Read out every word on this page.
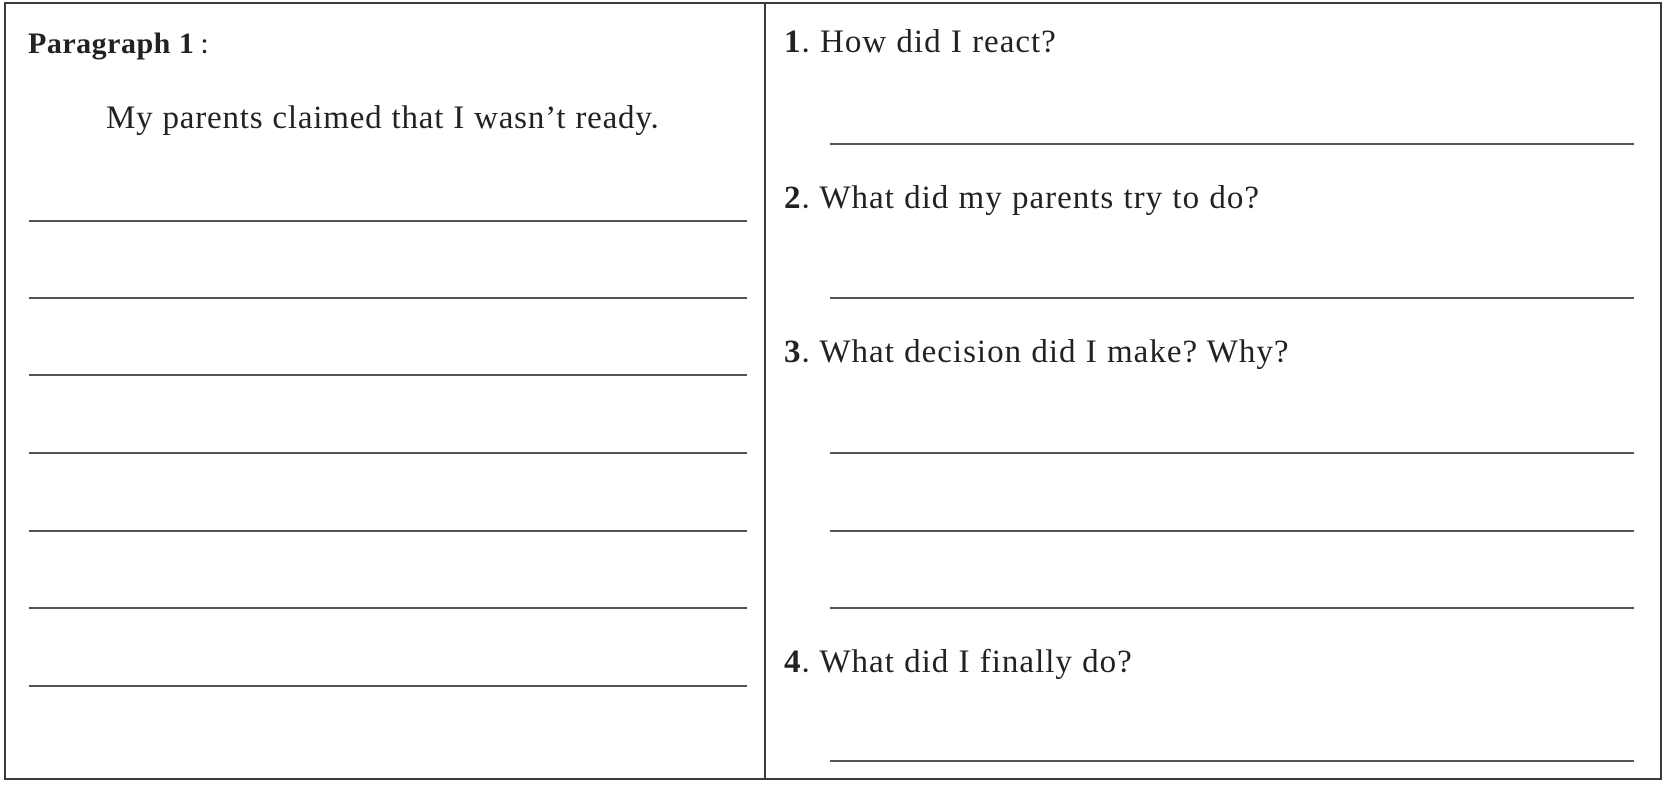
Paragraph 1 :
My parents claimed that I wasn’t ready.
1. How did I react?
2. What did my parents try to do?
3. What decision did I make? Why?
4. What did I finally do?
